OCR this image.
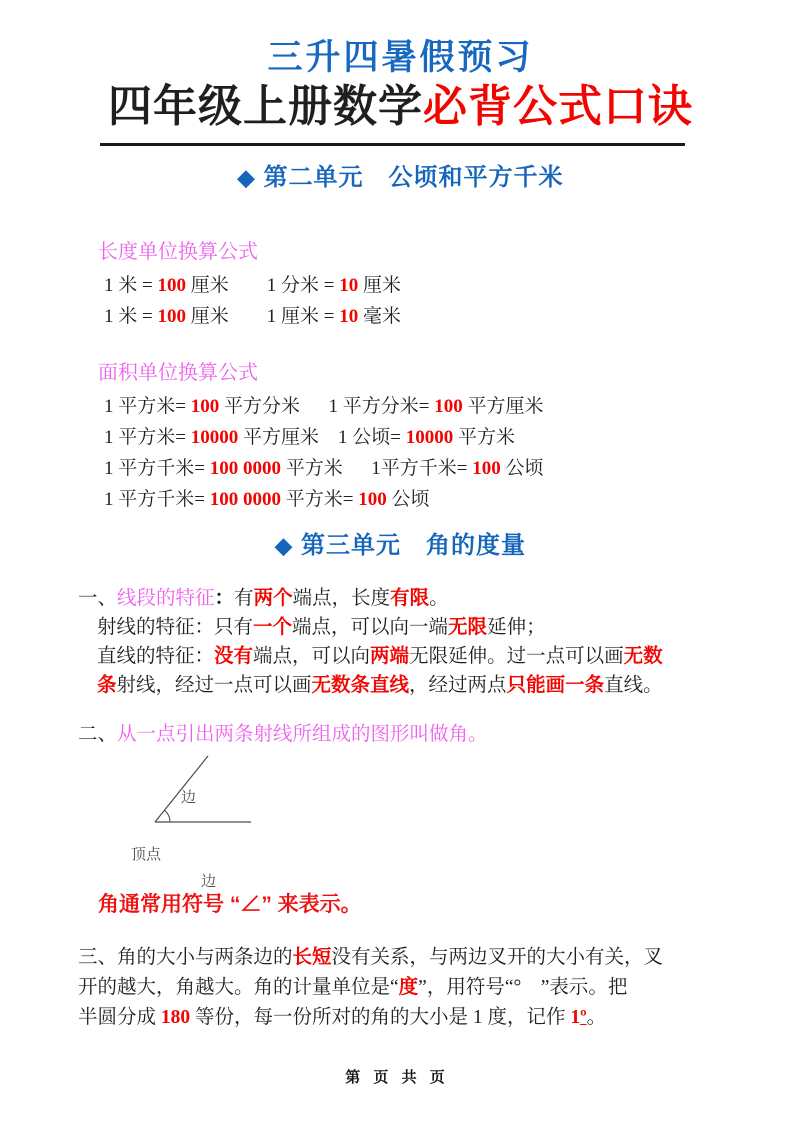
三升四暑假预习
四年级上册数学必背公式口诀
◆ 第二单元　公顷和平方千米
长度单位换算公式
1 米 = 100 厘米        1 分米 = 10 厘米
1 米 = 100 厘米        1 厘米 = 10 毫米
面积单位换算公式
1 平方米= 100 平方分米      1 平方分米= 100 平方厘米
1 平方米= 10000 平方厘米    1 公顷= 10000 平方米
1 平方千米= 100 0000 平方米      1平方千米= 100 公顷
1 平方千米= 100 0000 平方米= 100 公顷
◆ 第三单元　角的度量
一、线段的特征：有两个端点，长度有限。
射线的特征：只有一个端点，可以向一端无限延伸；
直线的特征：没有端点，可以向两端无限延伸。过一点可以画无数
条射线，经过一点可以画无数条直线，经过两点只能画一条直线。
二、从一点引出两条射线所组成的图形叫做角。
边
顶点
边
角通常用符号 “∠” 来表示。
三、角的大小与两条边的长短没有关系，与两边叉开的大小有关，叉
开的越大，角越大。角的计量单位是“度”，用符号“°　”表示。把
半圆分成 180 等份，每一份所对的角的大小是 1 度，记作 1º。
第 页 共 页
